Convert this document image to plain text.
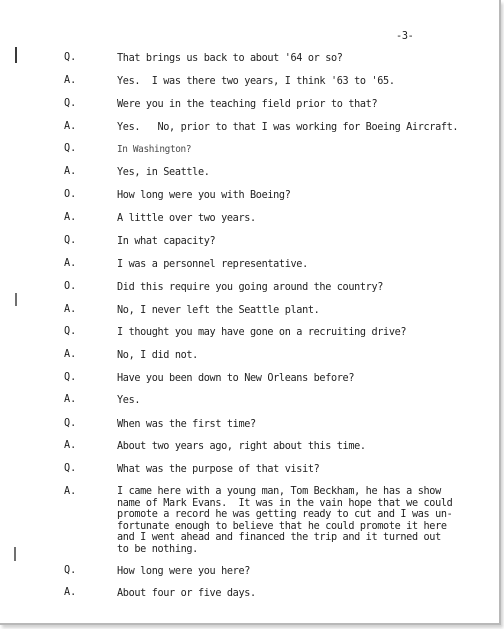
-3-
Q.	That brings us back to about '64 or so?
A.	Yes.  I was there two years, I think '63 to '65.
Q.	Were you in the teaching field prior to that?
A.	Yes.   No, prior to that I was working for Boeing Aircraft.
Q.	In Washington?
A.	Yes, in Seattle.
O.	How long were you with Boeing?
A.	A little over two years.
Q.	In what capacity?
A.	I was a personnel representative.
O.	Did this require you going around the country?
A.	No, I never left the Seattle plant.
Q.	I thought you may have gone on a recruiting drive?
A.	No, I did not.
Q.	Have you been down to New Orleans before?
A.	Yes.
Q.	When was the first time?
A.	About two years ago, right about this time.
Q.	What was the purpose of that visit?
A.	I came here with a young man, Tom Beckham, he has a show
name of Mark Evans.  It was in the vain hope that we could
promote a record he was getting ready to cut and I was un-
fortunate enough to believe that he could promote it here
and I went ahead and financed the trip and it turned out
to be nothing.
Q.	How long were you here?
A.	About four or five days.
